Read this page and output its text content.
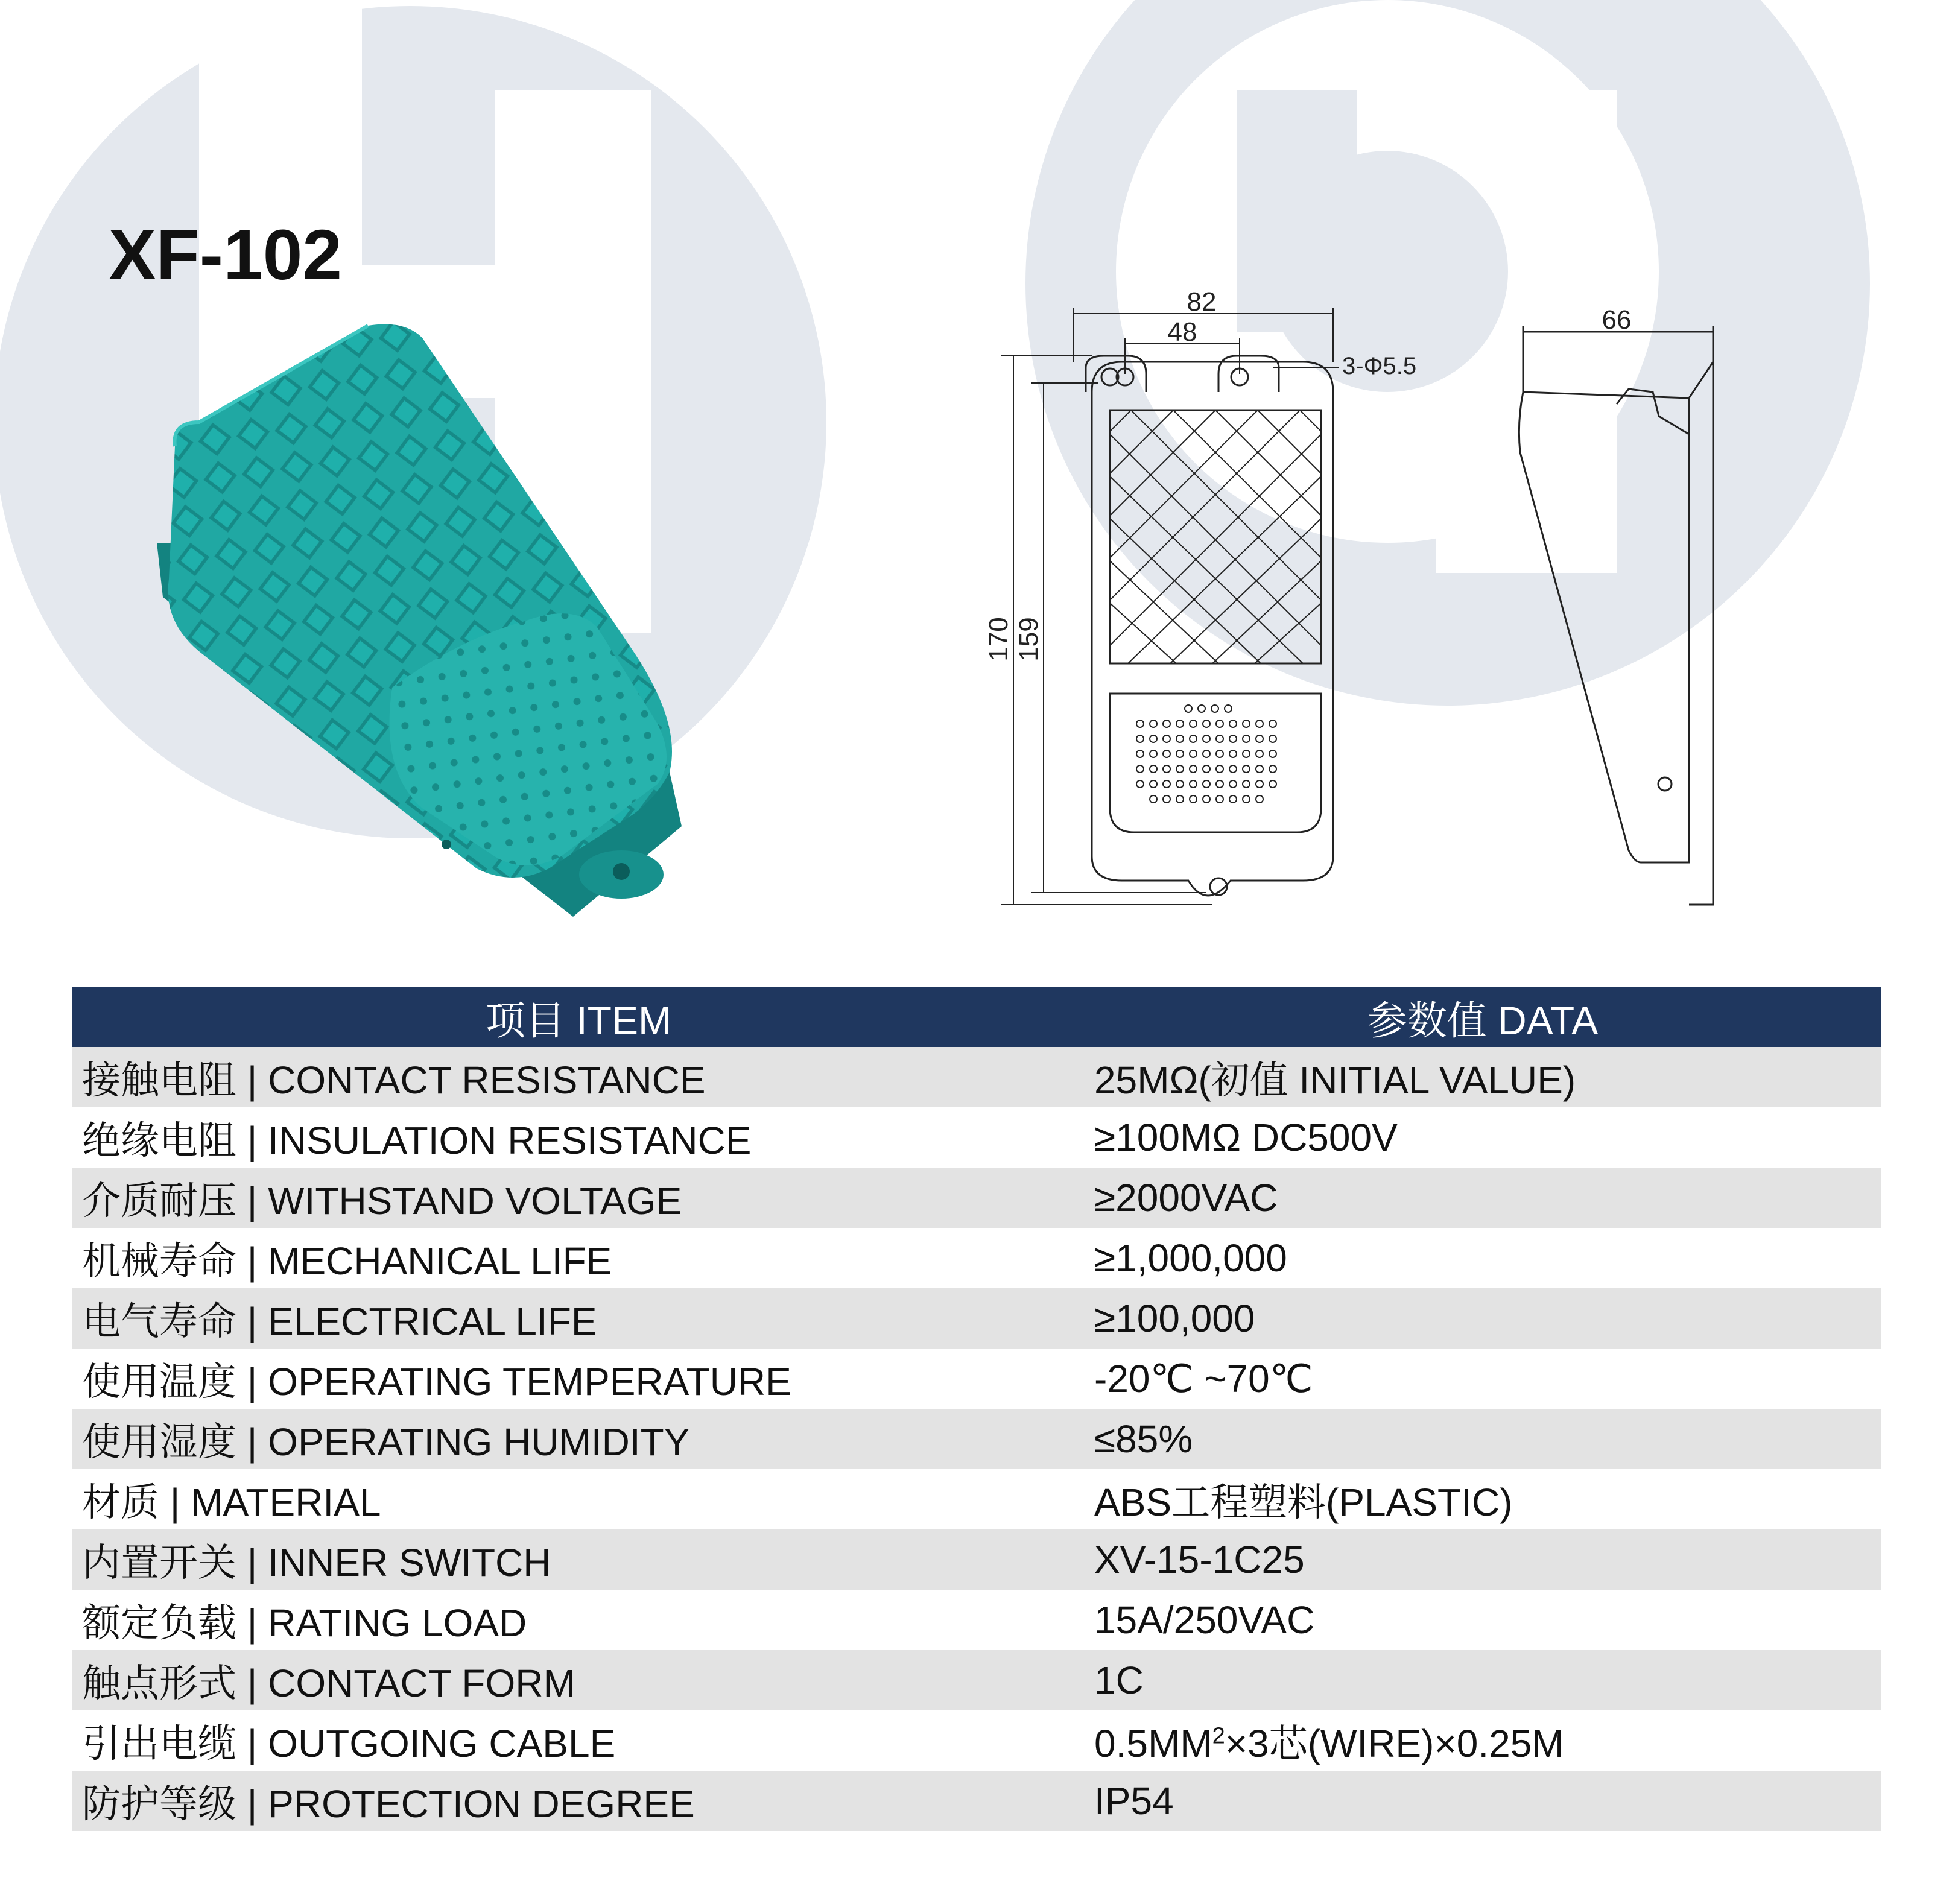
XF-102
82
48
3-Φ5.5
170 159
66
项目 ITEM	参数值 DATA
接触电阻 | CONTACT RESISTANCE	25MΩ(初值 INITIAL VALUE)
绝缘电阻 | INSULATION RESISTANCE	≥100MΩ DC500V
介质耐压 | WITHSTAND VOLTAGE	≥2000VAC
机械寿命 | MECHANICAL LIFE	≥1,000,000
电气寿命 | ELECTRICAL LIFE	≥100,000
使用温度 | OPERATING TEMPERATURE	-20℃ ~70℃
使用湿度 | OPERATING HUMIDITY	≤85%
材质 | MATERIAL	ABS工程塑料(PLASTIC)
内置开关 | INNER SWITCH	XV-15-1C25
额定负载 | RATING LOAD	15A/250VAC
触点形式 | CONTACT FORM	1C
引出电缆 | OUTGOING CABLE	$0.5MM^2\times 3$芯(WIRE)×0.25M
防护等级 | PROTECTION DEGREE	IP54
